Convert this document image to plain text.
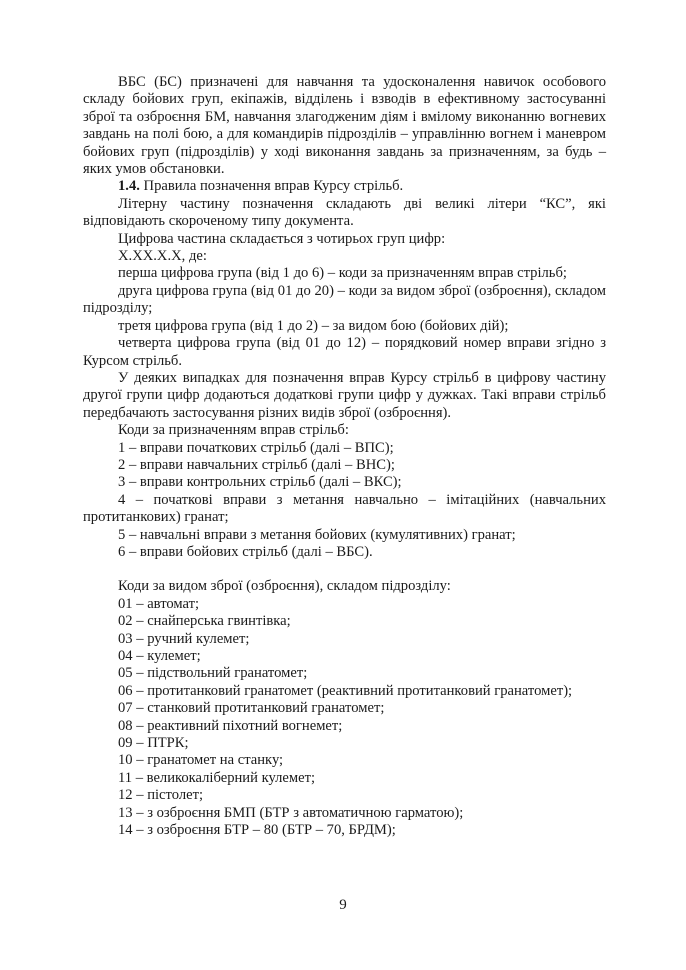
ВБС (БС) призначені для навчання та удосконалення навичок особового складу бойових груп, екіпажів, відділень і взводів в ефективному застосуванні зброї та озброєння БМ, навчання злагодженим діям і вмілому виконанню вогневих завдань на полі бою, а для командирів підрозділів – управлінню вогнем і маневром бойових груп (підрозділів) у ході виконання завдань за призначенням, за будь – яких умов обстановки.

1.4. Правила позначення вправ Курсу стрільб.

Літерну частину позначення складають дві великі літери “КС”, які відповідають скороченому типу документа.

Цифрова частина складається з чотирьох груп цифр:

X.XX.X.X, де:

перша цифрова група (від 1 до 6) – коди за призначенням вправ стрільб;

друга цифрова група (від 01 до 20) – коди за видом зброї (озброєння), складом підрозділу;

третя цифрова група (від 1 до 2) – за видом бою (бойових дій);

четверта цифрова група (від 01 до 12) – порядковий номер вправи згідно з Курсом стрільб.

У деяких випадках для позначення вправ Курсу стрільб в цифрову частину другої групи цифр додаються додаткові групи цифр у дужках. Такі вправи стрільб передбачають застосування різних видів зброї (озброєння).

Коди за призначенням вправ стрільб:

1 – вправи початкових стрільб (далі – ВПС);

2 – вправи навчальних стрільб (далі – ВНС);

3 – вправи контрольних стрільб (далі – ВКС);

4 – початкові вправи з метання навчально – імітаційних (навчальних протитанкових) гранат;

5 – навчальні вправи з метання бойових (кумулятивних) гранат;

6 – вправи бойових стрільб (далі – ВБС).

Коди за видом зброї (озброєння), складом підрозділу:

01 – автомат;

02 – снайперська гвинтівка;

03 – ручний кулемет;

04 – кулемет;

05 – підствольний гранатомет;

06 – протитанковий гранатомет (реактивний протитанковий гранатомет);

07 – станковий протитанковий гранатомет;

08 – реактивний піхотний вогнемет;

09 – ПТРК;

10 – гранатомет на станку;

11 – великокаліберний кулемет;

12 – пістолет;

13 – з озброєння БМП (БТР з автоматичною гарматою);

14 – з озброєння БТР – 80 (БТР – 70, БРДМ);

9
